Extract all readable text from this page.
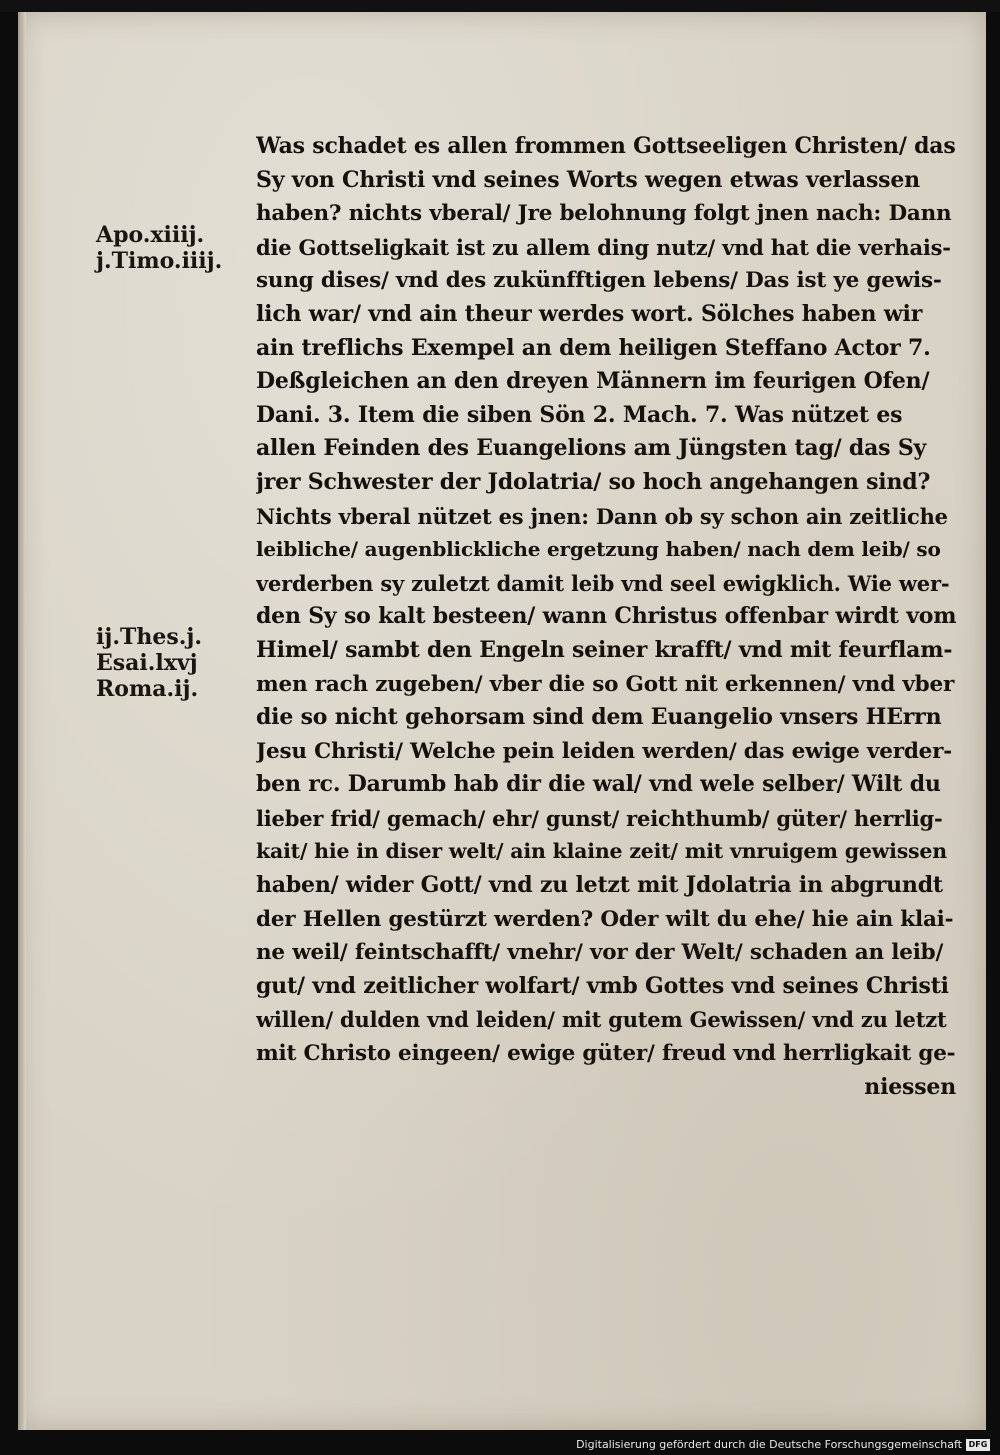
Apo.xiiij.
j.Timo.iiij.
ij.Thes.j.
Esai.lxvj
Roma.ij.
Was schadet es allen frommen Gottseeligen Christen/ das
Sy von Christi vnd seines Worts wegen etwas verlassen
haben? nichts vberal/ Jre belohnung folgt jnen nach: Dann
die Gottseligkait ist zu allem ding nutz/ vnd hat die verhais-
sung dises/ vnd des zukünfftigen lebens/ Das ist ye gewis-
lich war/ vnd ain theur werdes wort. Sölches haben wir
ain treflichs Exempel an dem heiligen Steffano Actor 7.
Deßgleichen an den dreyen Männern im feurigen Ofen/
Dani. 3. Item die siben Sön 2. Mach. 7. Was nützet es
allen Feinden des Euangelions am Jüngsten tag/ das Sy
jrer Schwester der Jdolatria/ so hoch angehangen sind?
Nichts vberal nützet es jnen: Dann ob sy schon ain zeitliche
leibliche/ augenblickliche ergetzung haben/ nach dem leib/ so
verderben sy zuletzt damit leib vnd seel ewigklich. Wie wer-
den Sy so kalt besteen/ wann Christus offenbar wirdt vom
Himel/ sambt den Engeln seiner krafft/ vnd mit feurflam-
men rach zugeben/ vber die so Gott nit erkennen/ vnd vber
die so nicht gehorsam sind dem Euangelio vnsers HErrn
Jesu Christi/ Welche pein leiden werden/ das ewige verder-
ben rc. Darumb hab dir die wal/ vnd wele selber/ Wilt du
lieber frid/ gemach/ ehr/ gunst/ reichthumb/ güter/ herrlig-
kait/ hie in diser welt/ ain klaine zeit/ mit vnruigem gewissen
haben/ wider Gott/ vnd zu letzt mit Jdolatria in abgrundt
der Hellen gestürzt werden? Oder wilt du ehe/ hie ain klai-
ne weil/ feintschafft/ vnehr/ vor der Welt/ schaden an leib/
gut/ vnd zeitlicher wolfart/ vmb Gottes vnd seines Christi
willen/ dulden vnd leiden/ mit gutem Gewissen/ vnd zu letzt
mit Christo eingeen/ ewige güter/ freud vnd herrligkait ge-
niessen
Digitalisierung gefördert durch die Deutsche Forschungsgemeinschaft DFG
